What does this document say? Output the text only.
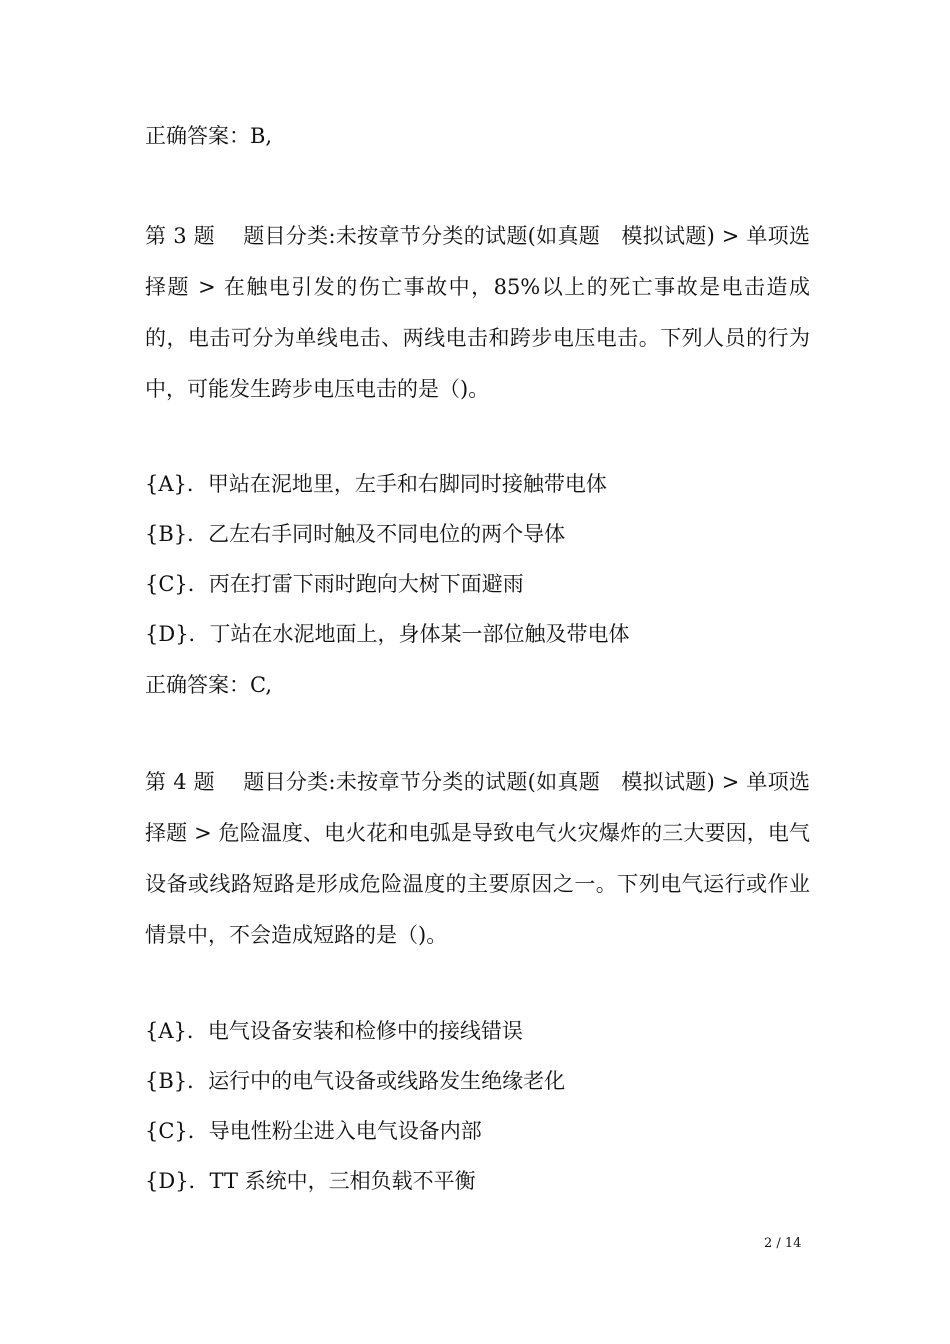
正确答案：B,
第 3 题　 题目分类:未按章节分类的试题(如真题　模拟试题) > 单项选择题 > 在触电引发的伤亡事故中，85%以上的死亡事故是电击造成的，电击可分为单线电击、两线电击和跨步电压电击。下列人员的行为中，可能发生跨步电压电击的是（)。
{A}．甲站在泥地里，左手和右脚同时接触带电体
{B}．乙左右手同时触及不同电位的两个导体
{C}．丙在打雷下雨时跑向大树下面避雨
{D}．丁站在水泥地面上，身体某一部位触及带电体
正确答案：C,
第 4 题　 题目分类:未按章节分类的试题(如真题　模拟试题) > 单项选择题 > 危险温度、电火花和电弧是导致电气火灾爆炸的三大要因，电气设备或线路短路是形成危险温度的主要原因之一。下列电气运行或作业情景中，不会造成短路的是（)。
{A}．电气设备安装和检修中的接线错误
{B}．运行中的电气设备或线路发生绝缘老化
{C}．导电性粉尘进入电气设备内部
{D}．TT 系统中，三相负载不平衡
2 / 14
